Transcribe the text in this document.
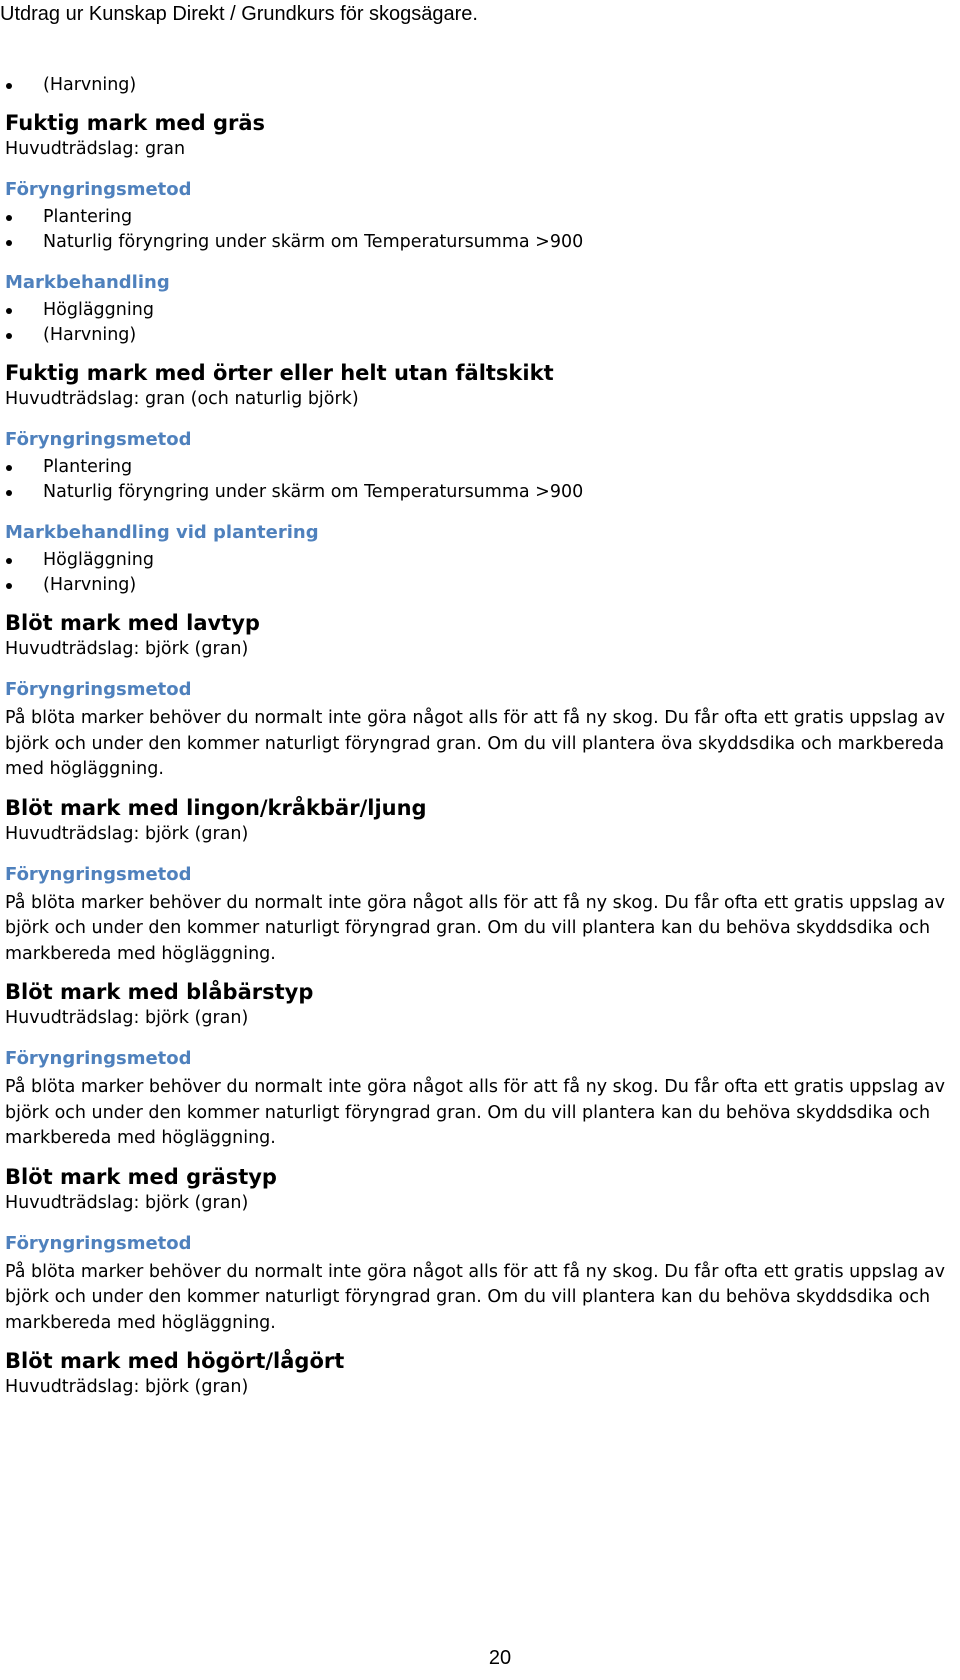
Utdrag ur Kunskap Direkt / Grundkurs för skogsägare.
(Harvning)
Fuktig mark med gräs
Huvudträdslag: gran
Föryngringsmetod
Plantering
Naturlig föryngring under skärm om Temperatursumma >900
Markbehandling
Högläggning
(Harvning)
Fuktig mark med örter eller helt utan fältskikt
Huvudträdslag: gran (och naturlig björk)
Föryngringsmetod
Plantering
Naturlig föryngring under skärm om Temperatursumma >900
Markbehandling vid plantering
Högläggning
(Harvning)
Blöt mark med lavtyp
Huvudträdslag: björk (gran)
Föryngringsmetod

På blöta marker behöver du normalt inte göra något alls för att få ny skog. Du får ofta ett gratis uppslag av björk och under den kommer naturligt föryngrad gran. Om du vill plantera öva skyddsdika och markbereda med högläggning.

Blöt mark med lingon/kråkbär/ljung
Huvudträdslag: björk (gran)
Föryngringsmetod

På blöta marker behöver du normalt inte göra något alls för att få ny skog. Du får ofta ett gratis uppslag av björk och under den kommer naturligt föryngrad gran. Om du vill plantera kan du behöva skyddsdika och markbereda med högläggning.

Blöt mark med blåbärstyp
Huvudträdslag: björk (gran)
Föryngringsmetod

På blöta marker behöver du normalt inte göra något alls för att få ny skog. Du får ofta ett gratis uppslag av björk och under den kommer naturligt föryngrad gran. Om du vill plantera kan du behöva skyddsdika och markbereda med högläggning.

Blöt mark med grästyp
Huvudträdslag: björk (gran)
Föryngringsmetod

På blöta marker behöver du normalt inte göra något alls för att få ny skog. Du får ofta ett gratis uppslag av björk och under den kommer naturligt föryngrad gran. Om du vill plantera kan du behöva skyddsdika och markbereda med högläggning.

Blöt mark med högört/lågört
Huvudträdslag: björk (gran)
20
